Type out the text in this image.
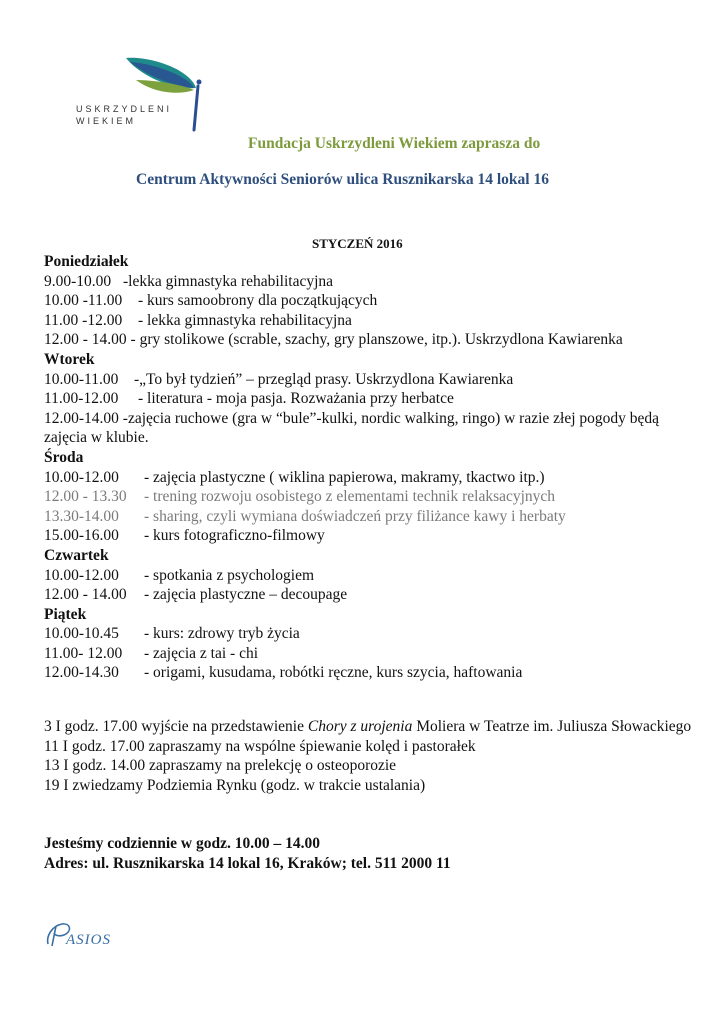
USKRZYDLENI
WIEKIEM
Fundacja Uskrzydleni Wiekiem zaprasza do
Centrum Aktywności Seniorów ulica Rusznikarska 14 lokal 16
STYCZEŃ 2016
Poniedziałek
9.00-10.00 -lekka gimnastyka rehabilitacyjna
10.00 -11.00 - kurs samoobrony dla początkujących
11.00 -12.00 - lekka gimnastyka rehabilitacyjna
12.00 - 14.00 - gry stolikowe (scrable, szachy, gry planszowe, itp.). Uskrzydlona Kawiarenka
Wtorek
10.00-11.00 -„To był tydzień” – przegląd prasy. Uskrzydlona Kawiarenka
11.00-12.00 - literatura - moja pasja. Rozważania przy herbatce
12.00-14.00 -zajęcia ruchowe (gra w “bule”-kulki, nordic walking, ringo) w razie złej pogody będą zajęcia w klubie.
Środa
10.00-12.00 - zajęcia plastyczne ( wiklina papierowa, makramy, tkactwo itp.)
12.00 - 13.30 - trening rozwoju osobistego z elementami technik relaksacyjnych
13.30-14.00 - sharing, czyli wymiana doświadczeń przy filiżance kawy i herbaty
15.00-16.00 - kurs fotograficzno-filmowy
Czwartek
10.00-12.00 - spotkania z psychologiem
12.00 - 14.00 - zajęcia plastyczne – decoupage
Piątek
10.00-10.45 - kurs: zdrowy tryb życia
11.00- 12.00 - zajęcia z tai - chi
12.00-14.30 - origami, kusudama, robótki ręczne, kurs szycia, haftowania
3 I godz. 17.00 wyjście na przedstawienie Chory z urojenia Moliera w Teatrze im. Juliusza Słowackiego
11 I godz. 17.00 zapraszamy na wspólne śpiewanie kolęd i pastorałek
13 I godz. 14.00 zapraszamy na prelekcję o osteoporozie
19 I zwiedzamy Podziemia Rynku (godz. w trakcie ustalania)
Jesteśmy codziennie w godz. 10.00 – 14.00
Adres: ul. Rusznikarska 14 lokal 16, Kraków; tel. 511 2000 11
ASIOS
